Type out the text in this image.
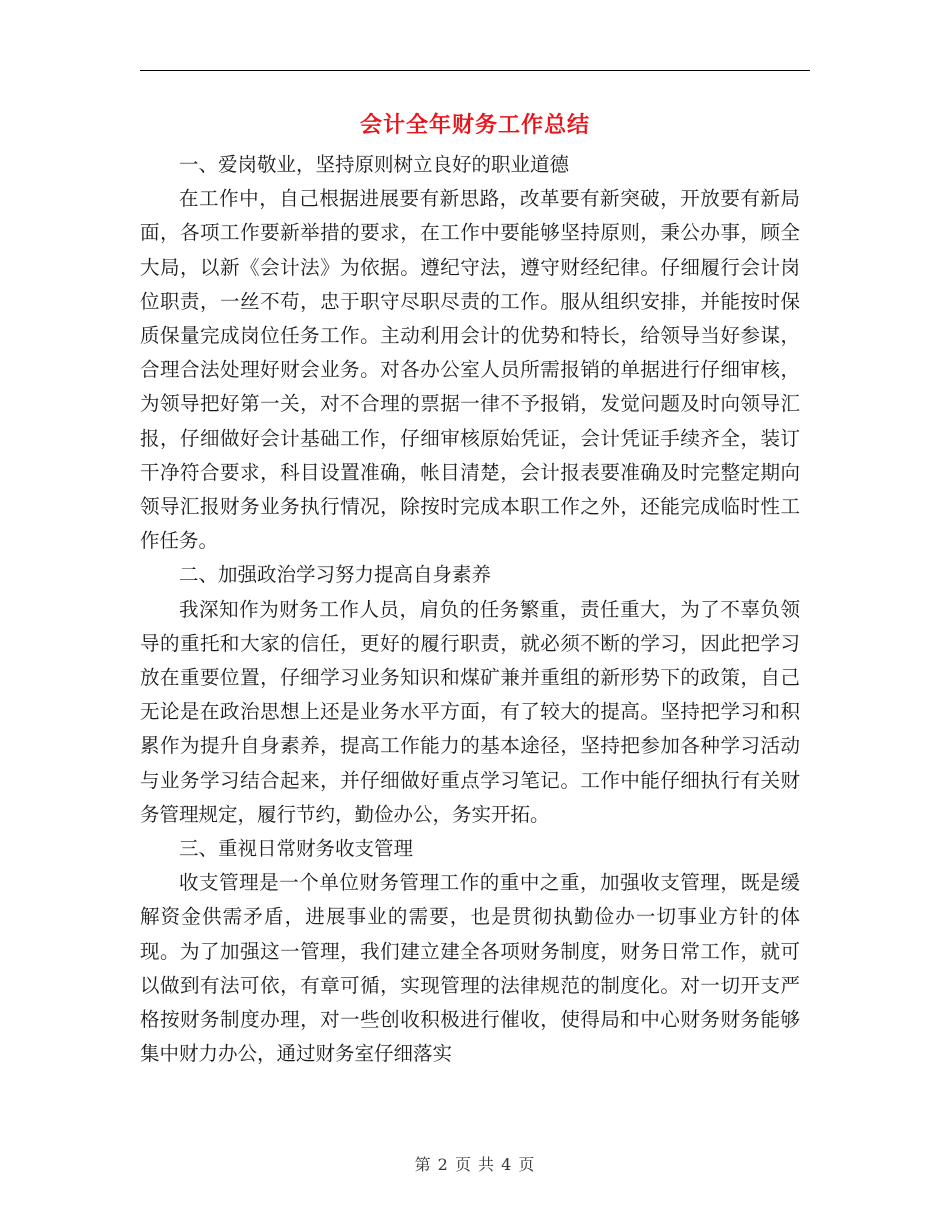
会计全年财务工作总结

一、爱岗敬业，坚持原则树立良好的职业道德

在工作中，自己根据进展要有新思路，改革要有新突破，开放要有新局面，各项工作要新举措的要求，在工作中要能够坚持原则，秉公办事，顾全大局，以新《会计法》为依据。遵纪守法，遵守财经纪律。仔细履行会计岗位职责，一丝不苟，忠于职守尽职尽责的工作。服从组织安排，并能按时保质保量完成岗位任务工作。主动利用会计的优势和特长，给领导当好参谋，合理合法处理好财会业务。对各办公室人员所需报销的单据进行仔细审核，为领导把好第一关，对不合理的票据一律不予报销，发觉问题及时向领导汇报，仔细做好会计基础工作，仔细审核原始凭证，会计凭证手续齐全，装订干净符合要求，科目设置准确，帐目清楚，会计报表要准确及时完整定期向领导汇报财务业务执行情况，除按时完成本职工作之外，还能完成临时性工作任务。

二、加强政治学习努力提高自身素养

我深知作为财务工作人员，肩负的任务繁重，责任重大，为了不辜负领导的重托和大家的信任，更好的履行职责，就必须不断的学习，因此把学习放在重要位置，仔细学习业务知识和煤矿兼并重组的新形势下的政策，自己无论是在政治思想上还是业务水平方面，有了较大的提高。坚持把学习和积累作为提升自身素养，提高工作能力的基本途径，坚持把参加各种学习活动与业务学习结合起来，并仔细做好重点学习笔记。工作中能仔细执行有关财务管理规定，履行节约，勤俭办公，务实开拓。

三、重视日常财务收支管理

收支管理是一个单位财务管理工作的重中之重，加强收支管理，既是缓解资金供需矛盾，进展事业的需要，也是贯彻执勤俭办一切事业方针的体现。为了加强这一管理，我们建立建全各项财务制度，财务日常工作，就可以做到有法可依，有章可循，实现管理的法律规范的制度化。对一切开支严格按财务制度办理，对一些创收积极进行催收，使得局和中心财务财务能够集中财力办公，通过财务室仔细落实

第 2 页 共 4 页
